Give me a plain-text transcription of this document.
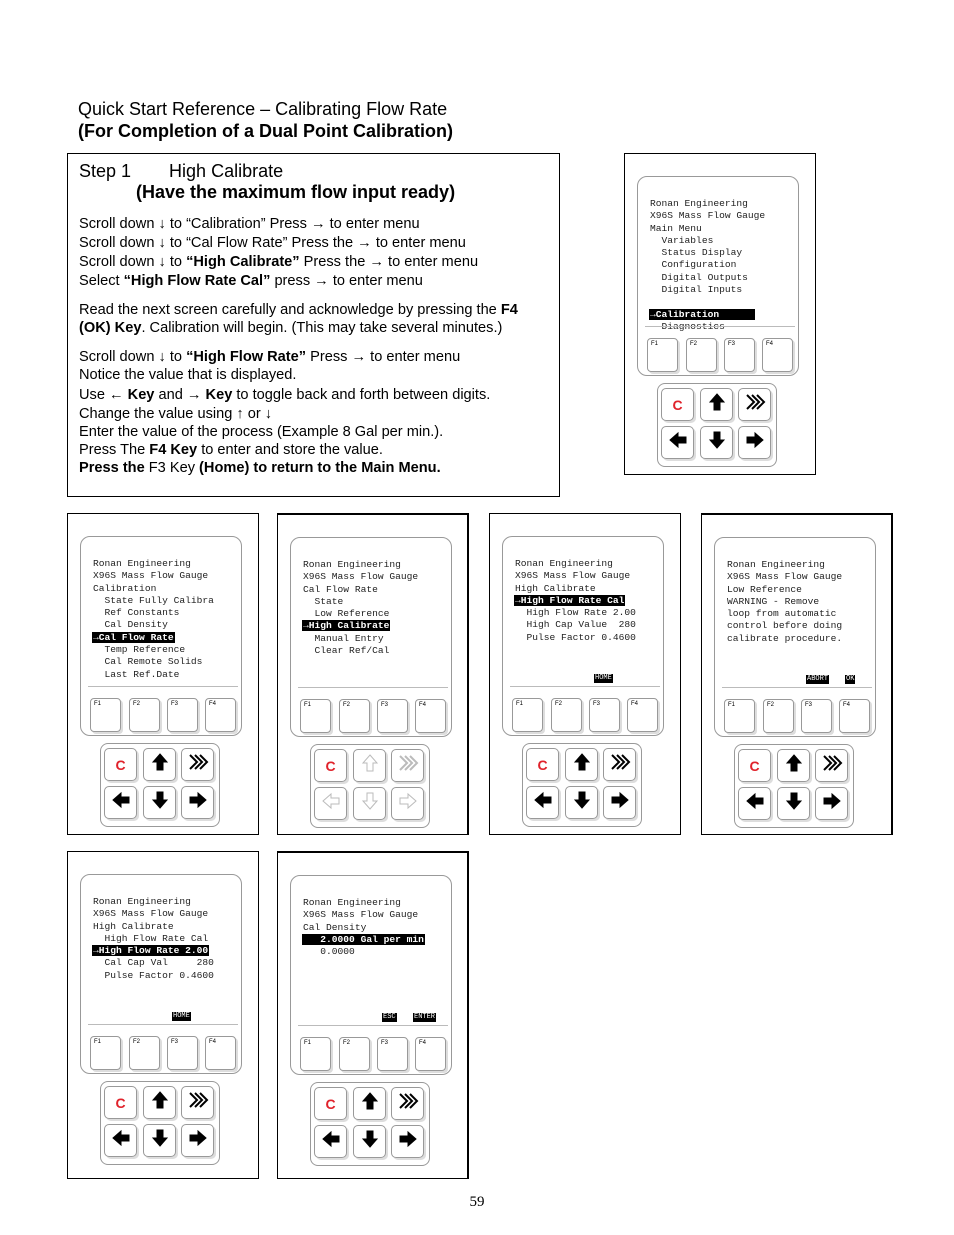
Quick Start Reference – Calibrating Flow Rate
(For Completion of a Dual Point Calibration)
Step 1 High Calibrate
(Have the maximum flow input ready)
Scroll down ↓ to “Calibration” Press → to enter menu
Scroll down ↓ to “Cal Flow Rate” Press the → to enter menu
Scroll down ↓ to “High Calibrate” Press the → to enter menu
Select “High Flow Rate Cal” press → to enter menu
Read the next screen carefully and acknowledge by pressing the F4
(OK) Key. Calibration will begin. (This may take several minutes.)
Scroll down ↓ to “High Flow Rate” Press → to enter menu
Notice the value that is displayed.
Use ← Key and → Key to toggle back and forth between digits.
Change the value using ↑ or ↓
Enter the value of the process (Example 8 Gal per min.).
Press The F4 Key to enter and store the value.
Press the F3 Key (Home) to return to the Main Menu.
Ronan Engineering
X96S Mass Flow Gauge
Main Menu
Variables
Status Display
Configuration
Digital Outputs
Digital Inputs
→Calibration
Diagnostics
F1	F2	F3	F4
C
Ronan Engineering
X96S Mass Flow Gauge
Calibration
State Fully Calibra
Ref Constants
Cal Density
→Cal Flow Rate
Temp Reference
Cal Remote Solids
Last Ref.Date
F1	F2	F3	F4
C
Ronan Engineering
X96S Mass Flow Gauge
Cal Flow Rate
State
Low Reference
→High Calibrate
Manual Entry
Clear Ref/Cal
F1	F2	F3	F4
C
Ronan Engineering
X96S Mass Flow Gauge
High Calibrate
→High Flow Rate Cal
High Flow Rate 2.00
High Cap Value  280
Pulse Factor 0.4600
HOME
F1	F2	F3	F4
C
Ronan Engineering
X96S Mass Flow Gauge
Low Reference
WARNING - Remove
loop from automatic
control before doing
calibrate procedure.
ABORT	OK
F1	F2	F3	F4
C
Ronan Engineering
X96S Mass Flow Gauge
High Calibrate
High Flow Rate Cal
→High Flow Rate 2.00
Cal Cap Val     280
Pulse Factor 0.4600
HOME
F1	F2	F3	F4
C
Ronan Engineering
X96S Mass Flow Gauge
Cal Density
2.0000 Gal per min
0.0000
ESC	ENTER
F1	F2	F3	F4
C
59
